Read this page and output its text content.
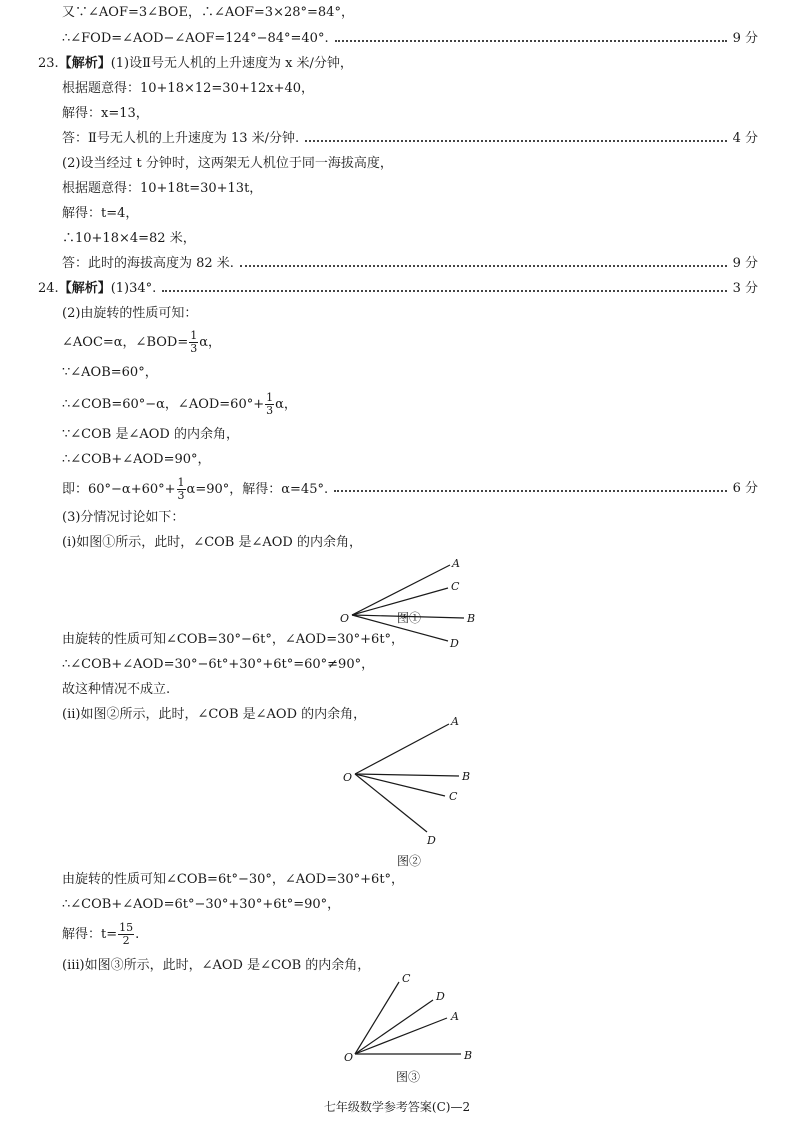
又∵∠AOF=3∠BOE，∴∠AOF=3×28°=84°，
∴∠FOD=∠AOD−∠AOF=124°−84°=40°.	9 分
23.【解析】(1)设Ⅱ号无人机的上升速度为 x 米/分钟，
根据题意得：10+18×12=30+12x+40，
解得：x=13，
答：Ⅱ号无人机的上升速度为 13 米/分钟.	4 分
(2)设当经过 t 分钟时，这两架无人机位于同一海拔高度，
根据题意得：10+18t=30+13t，
解得：t=4，
∴10+18×4=82 米，
答：此时的海拔高度为 82 米.	9 分
24.【解析】(1)34°.	3 分
(2)由旋转的性质可知：
∠AOC=α，∠BOD= $\frac{1}{3}$ α，
∵∠AOB=60°，
∴∠COB=60°−α，∠AOD=60°+ $\frac{1}{3}$ α，
∵∠COB 是∠AOD 的内余角，
∴∠COB+∠AOD=90°，
即：$60^\circ-\alpha+60^\circ+ \frac{1}{3} \alpha=90^\circ$，解得：α=45°.	6 分
(3)分情况讨论如下：
(ⅰ)如图①所示，此时，∠COB 是∠AOD 的内余角，
O
A
C
B
D
图①
由旋转的性质可知∠COB=30°−6t°，∠AOD=30°+6t°，
∴∠COB+∠AOD=30°−6t°+30°+6t°=60°≠90°，
故这种情况不成立.
(ⅱ)如图②所示，此时，∠COB 是∠AOD 的内余角，
O
A
B
C
D
图②
由旋转的性质可知∠COB=6t°−30°，∠AOD=30°+6t°，
∴∠COB+∠AOD=6t°−30°+30°+6t°=90°，
解得：$t= \frac{15}{2}$ .
(ⅲ)如图③所示，此时，∠AOD 是∠COB 的内余角，
O
C
D
A
B
图③
七年级数学参考答案(C)—2
